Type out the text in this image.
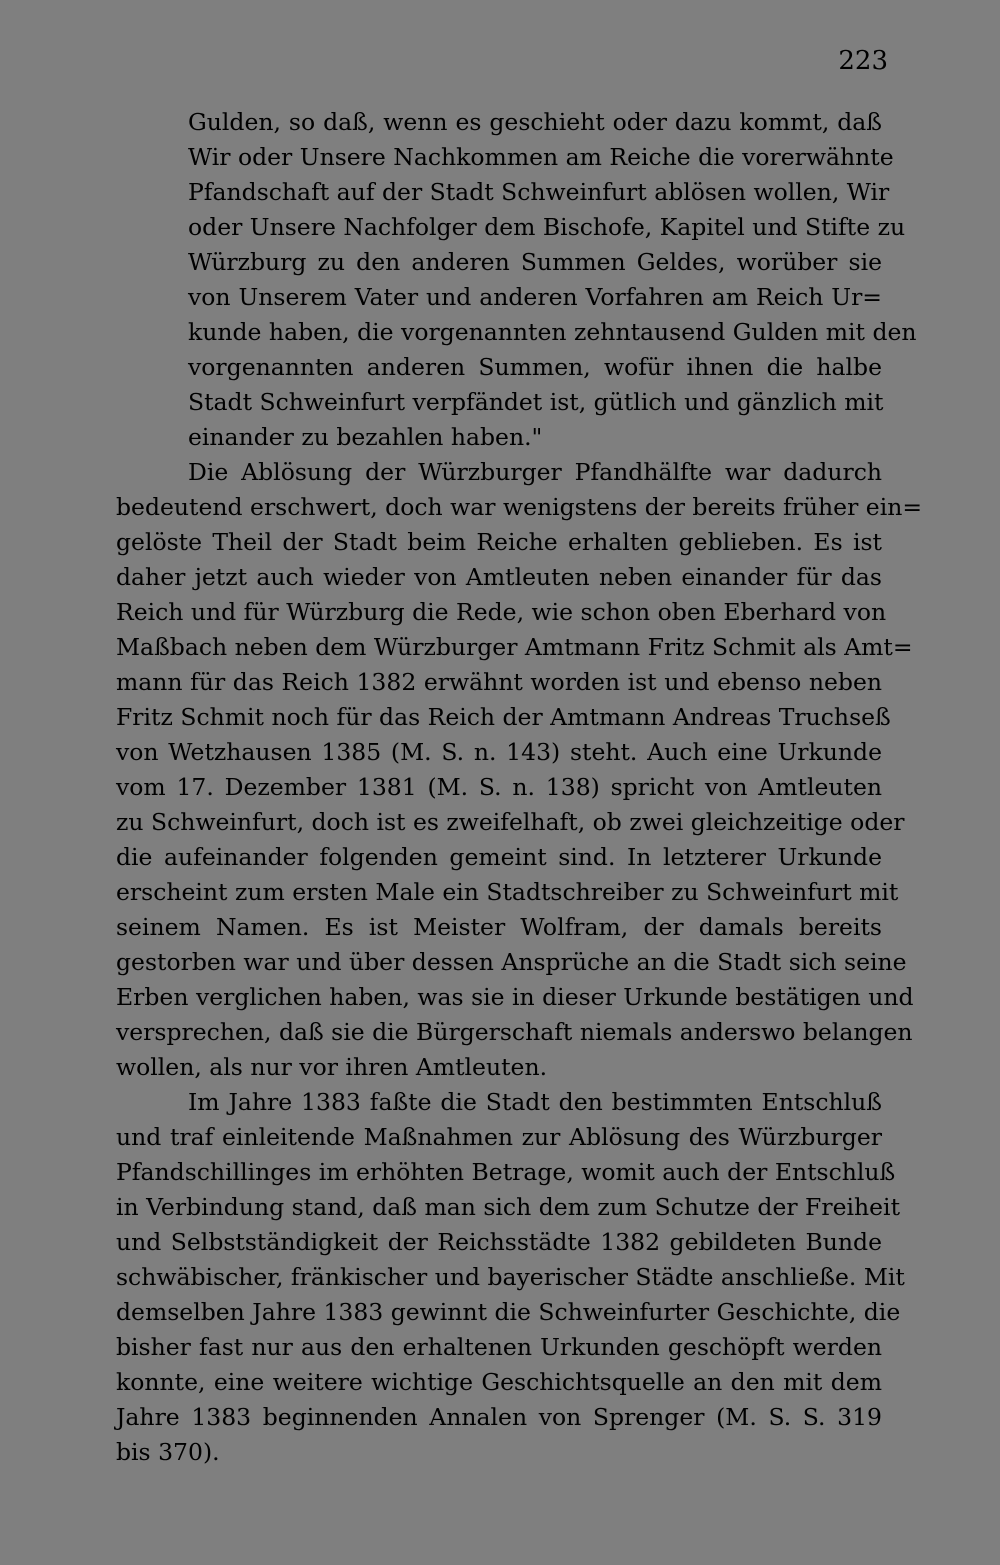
223
Gulden, so daß, wenn es geschieht oder dazu kommt, daß
Wir oder Unsere Nachkommen am Reiche die vorerwähnte
Pfandschaft auf der Stadt Schweinfurt ablösen wollen, Wir
oder Unsere Nachfolger dem Bischofe, Kapitel und Stifte zu
Würzburg zu den anderen Summen Geldes, worüber sie
von Unserem Vater und anderen Vorfahren am Reich Ur=
kunde haben, die vorgenannten zehntausend Gulden mit den
vorgenannten anderen Summen, wofür ihnen die halbe
Stadt Schweinfurt verpfändet ist, gütlich und gänzlich mit
einander zu bezahlen haben."
Die Ablösung der Würzburger Pfandhälfte war dadurch
bedeutend erschwert, doch war wenigstens der bereits früher ein=
gelöste Theil der Stadt beim Reiche erhalten geblieben. Es ist
daher jetzt auch wieder von Amtleuten neben einander für das
Reich und für Würzburg die Rede, wie schon oben Eberhard von
Maßbach neben dem Würzburger Amtmann Fritz Schmit als Amt=
mann für das Reich 1382 erwähnt worden ist und ebenso neben
Fritz Schmit noch für das Reich der Amtmann Andreas Truchseß
von Wetzhausen 1385 (M. S. n. 143) steht. Auch eine Urkunde
vom 17. Dezember 1381 (M. S. n. 138) spricht von Amtleuten
zu Schweinfurt, doch ist es zweifelhaft, ob zwei gleichzeitige oder
die aufeinander folgenden gemeint sind. In letzterer Urkunde
erscheint zum ersten Male ein Stadtschreiber zu Schweinfurt mit
seinem Namen. Es ist Meister Wolfram, der damals bereits
gestorben war und über dessen Ansprüche an die Stadt sich seine
Erben verglichen haben, was sie in dieser Urkunde bestätigen und
versprechen, daß sie die Bürgerschaft niemals anderswo belangen
wollen, als nur vor ihren Amtleuten.
Im Jahre 1383 faßte die Stadt den bestimmten Entschluß
und traf einleitende Maßnahmen zur Ablösung des Würzburger
Pfandschillinges im erhöhten Betrage, womit auch der Entschluß
in Verbindung stand, daß man sich dem zum Schutze der Freiheit
und Selbstständigkeit der Reichsstädte 1382 gebildeten Bunde
schwäbischer, fränkischer und bayerischer Städte anschließe. Mit
demselben Jahre 1383 gewinnt die Schweinfurter Geschichte, die
bisher fast nur aus den erhaltenen Urkunden geschöpft werden
konnte, eine weitere wichtige Geschichtsquelle an den mit dem
Jahre 1383 beginnenden Annalen von Sprenger (M. S. S. 319
bis 370).
